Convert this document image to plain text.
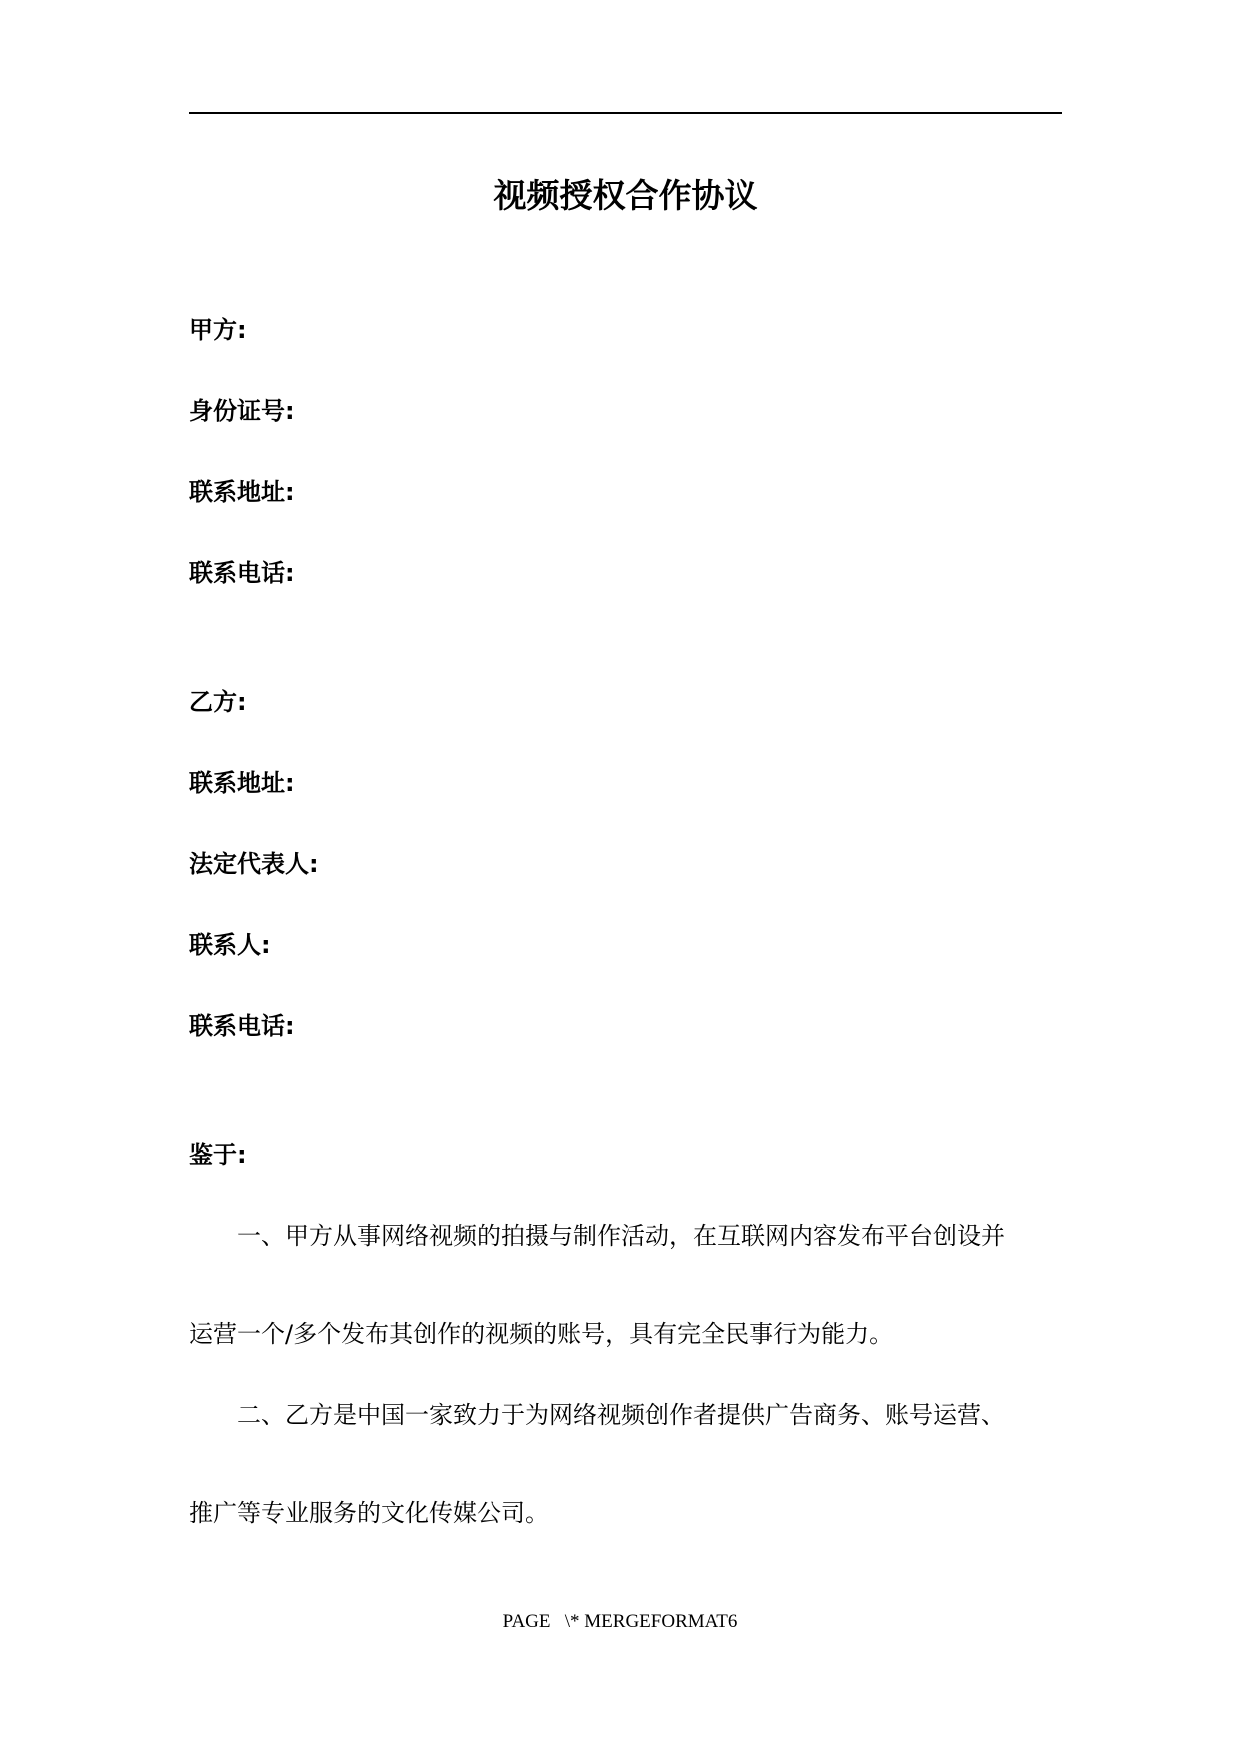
视频授权合作协议
甲方:
身份证号:
联系地址:
联系电话:
乙方:
联系地址:
法定代表人:
联系人:
联系电话:
鉴于:
一、甲方从事网络视频的拍摄与制作活动，在互联网内容发布平台创设并
运营一个/多个发布其创作的视频的账号，具有完全民事行为能力。
二、乙方是中国一家致力于为网络视频创作者提供广告商务、账号运营、
推广等专业服务的文化传媒公司。
PAGE   \* MERGEFORMAT6
